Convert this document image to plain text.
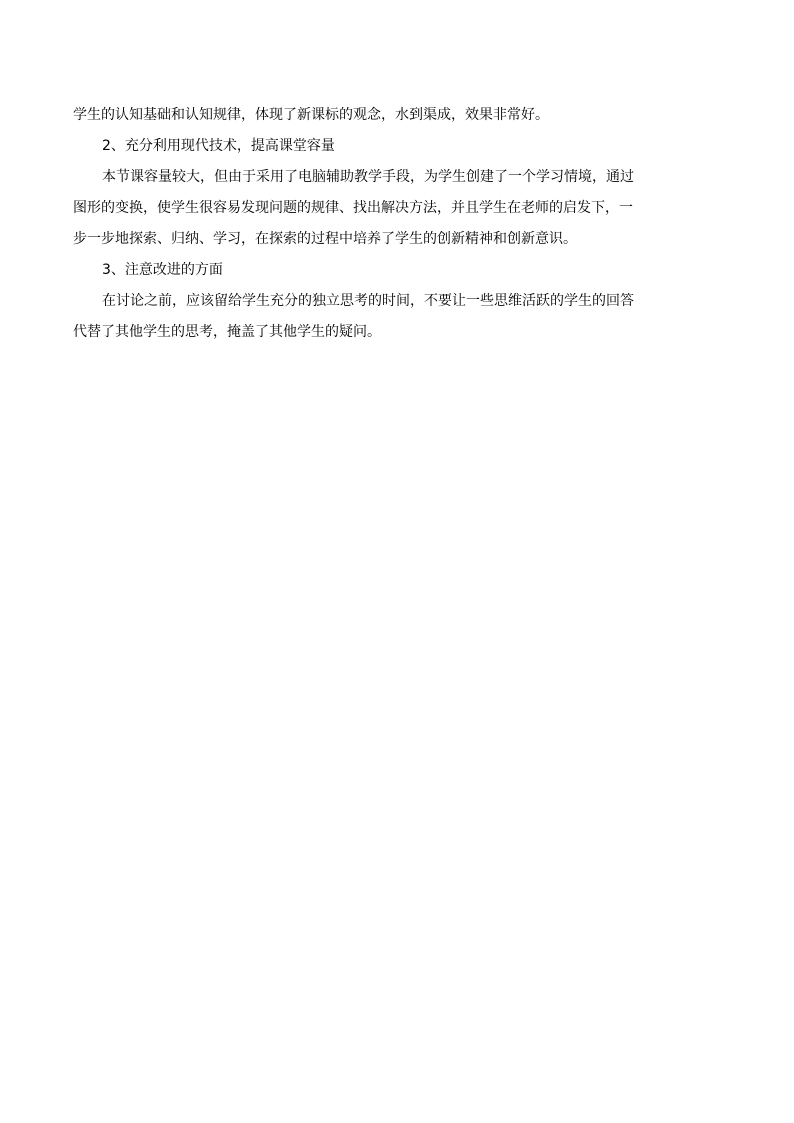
学生的认知基础和认知规律，体现了新课标的观念，水到渠成，效果非常好。
2、充分利用现代技术，提高课堂容量
本节课容量较大，但由于采用了电脑辅助教学手段，为学生创建了一个学习情境，通过
图形的变换，使学生很容易发现问题的规律、找出解决方法，并且学生在老师的启发下，一
步一步地探索、归纳、学习，在探索的过程中培养了学生的创新精神和创新意识。
3、注意改进的方面
在讨论之前，应该留给学生充分的独立思考的时间，不要让一些思维活跃的学生的回答
代替了其他学生的思考，掩盖了其他学生的疑问。
